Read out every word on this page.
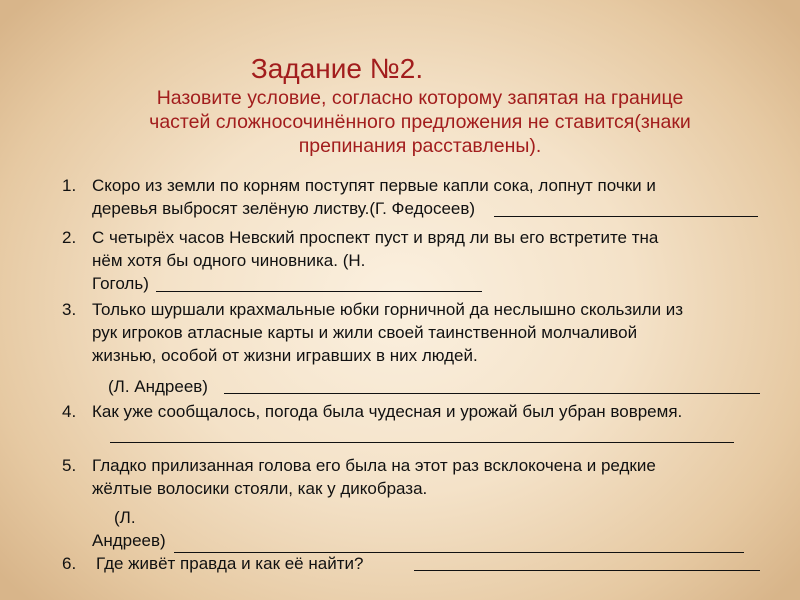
Задание №2.
Назовите условие, согласно которому запятая на границе
частей сложносочинённого предложения не ставится(знаки
препинания расставлены).
1. Скоро из земли по корням поступят первые капли сока, лопнут почки и
деревья выбросят зелёную листву.(Г. Федосеев)
2. С четырёх часов Невский проспект пуст и вряд ли вы его встретите тна
нём хотя бы одного чиновника. (Н.
Гоголь)
3. Только шуршали крахмальные юбки горничной да неслышно скользили из
рук игроков атласные карты и жили своей таинственной молчаливой
жизнью, особой от жизни игравших в них людей.
(Л. Андреев)
4. Как уже сообщалось, погода была чудесная и урожай был убран вовремя.
5. Гладко прилизанная голова его была на этот раз всклокочена и редкие
жёлтые волосики стояли, как у дикобраза.
(Л.
Андреев)
6. Где живёт правда и как её найти?
